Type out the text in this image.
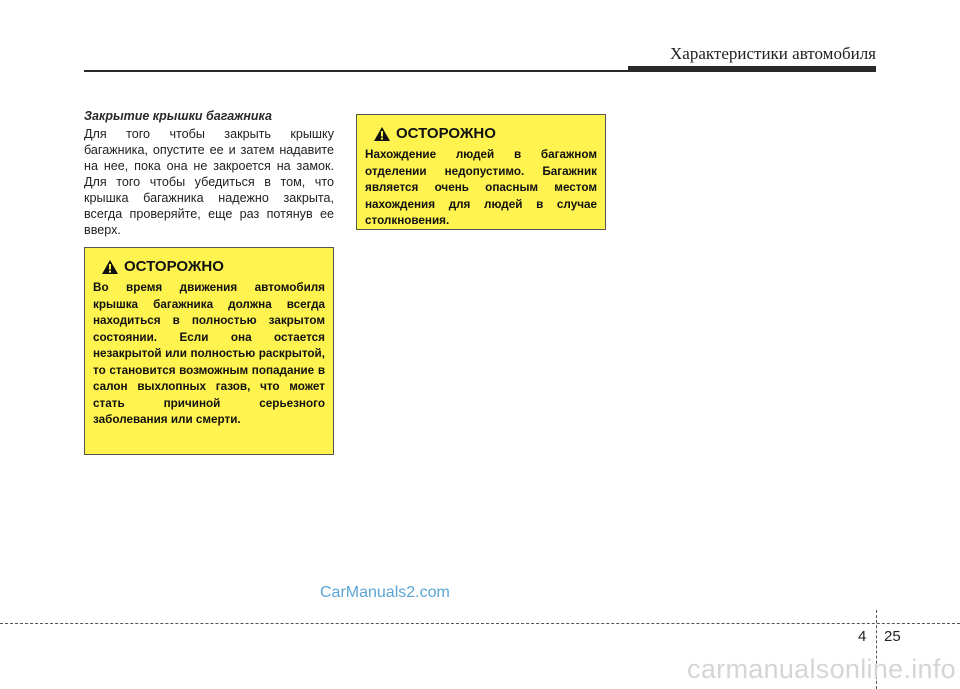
Характеристики автомобиля
Закрытие крышки багажника
Для того чтобы закрыть крышку багажника, опустите ее и затем надавите на нее, пока она не закроется на замок. Для того чтобы убедиться в том, что крышка багажника надежно закрыта, всегда проверяйте, еще раз потянув ее вверх.
ОСТОРОЖНО
Во время движения автомобиля крышка багажника должна всегда находиться в полностью закрытом состоянии. Если она остается незакрытой или полностью раскрытой, то становится возможным попадание в салон выхлопных газов, что может стать причиной серьезного заболевания или смерти.
ОСТОРОЖНО
Нахождение людей в багажном отделении недопустимо. Багажник является очень опасным местом нахождения для людей в случае столкновения.
CarManuals2.com
4 25
carmanualsonline.info
